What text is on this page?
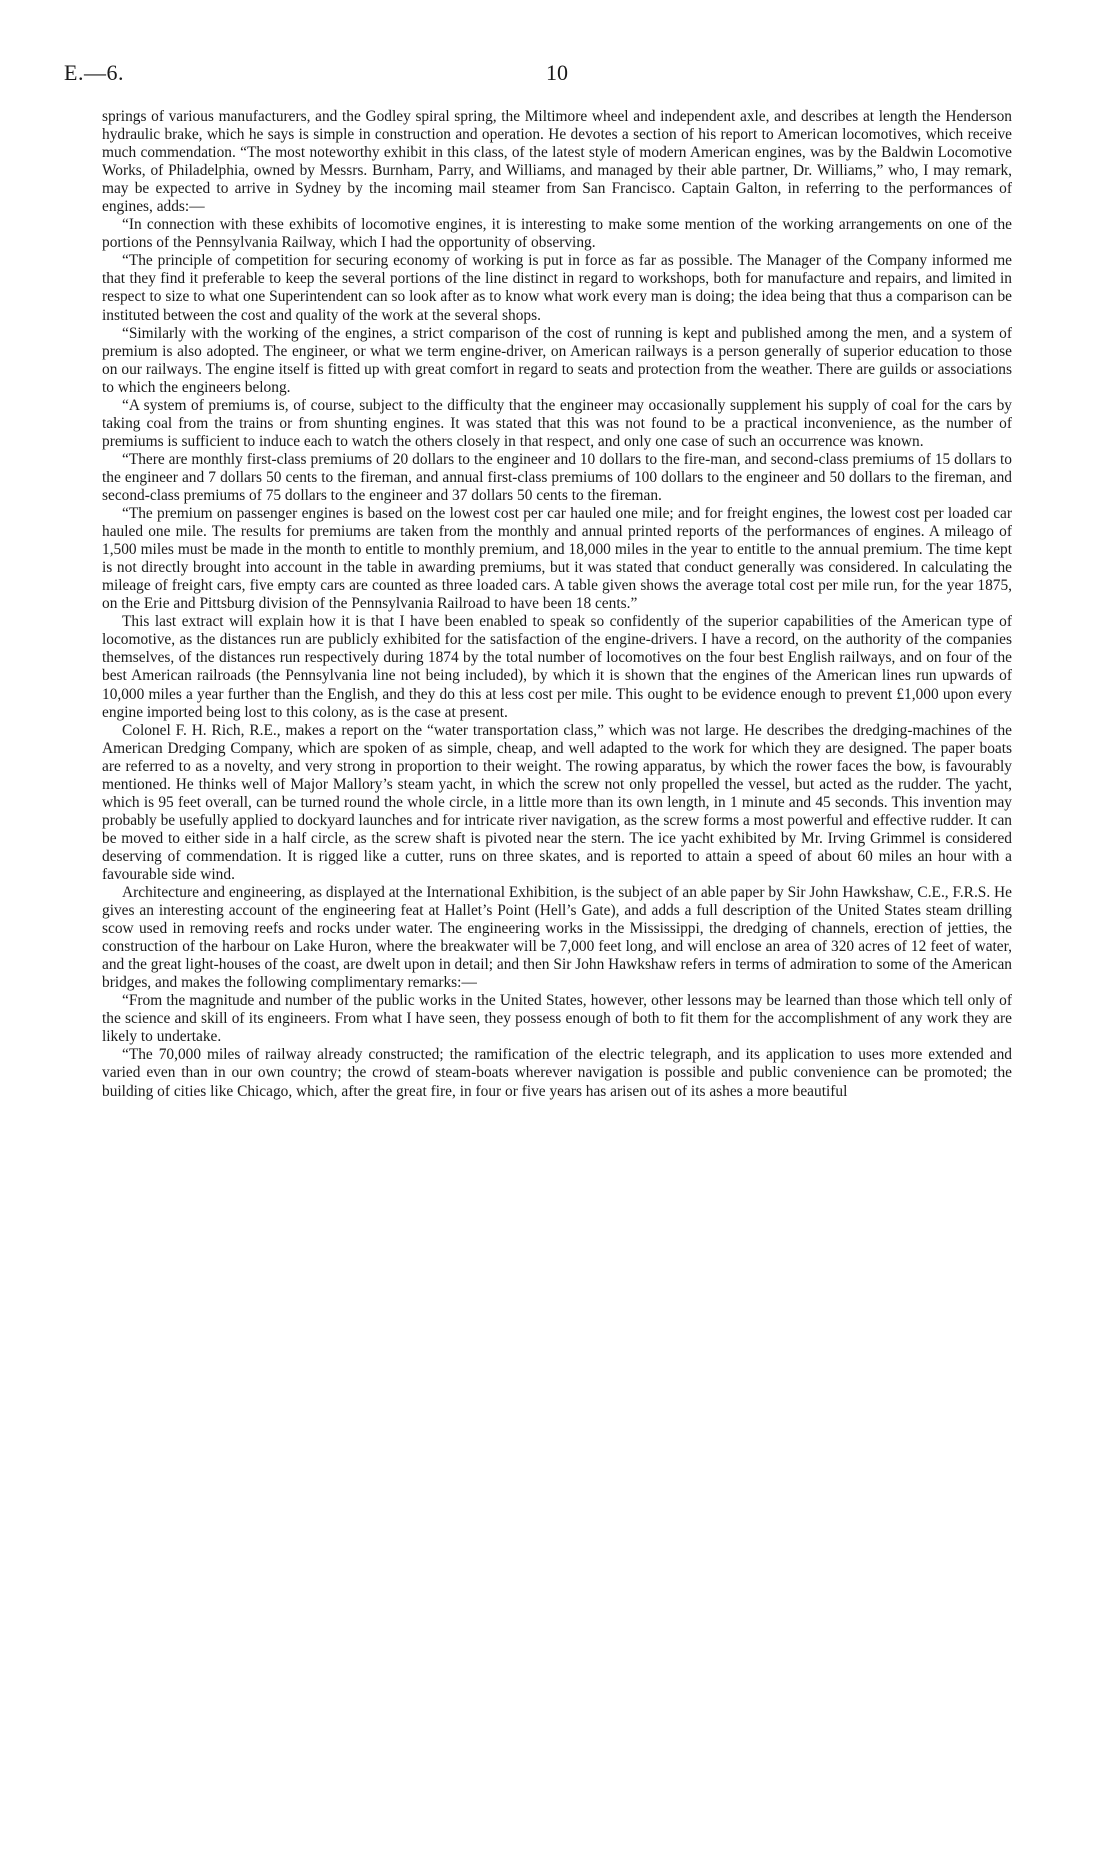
E.—6.	10

springs of various manufacturers, and the Godley spiral spring, the Miltimore wheel and independent axle, and describes at length the Henderson hydraulic brake, which he says is simple in construction and operation. He devotes a section of his report to American locomotives, which receive much commendation. “The most noteworthy exhibit in this class, of the latest style of modern American engines, was by the Baldwin Locomotive Works, of Philadelphia, owned by Messrs. Burnham, Parry, and Williams, and managed by their able partner, Dr. Williams,” who, I may remark, may be expected to arrive in Sydney by the incoming mail steamer from San Francisco. Captain Galton, in referring to the performances of engines, adds:—

“In connection with these exhibits of locomotive engines, it is interesting to make some mention of the working arrangements on one of the portions of the Pennsylvania Railway, which I had the opportunity of observing.

“The principle of competition for securing economy of working is put in force as far as possible. The Manager of the Company informed me that they find it preferable to keep the several portions of the line distinct in regard to workshops, both for manufacture and repairs, and limited in respect to size to what one Superintendent can so look after as to know what work every man is doing; the idea being that thus a comparison can be instituted between the cost and quality of the work at the several shops.

“Similarly with the working of the engines, a strict comparison of the cost of running is kept and published among the men, and a system of premium is also adopted. The engineer, or what we term engine-driver, on American railways is a person generally of superior education to those on our railways. The engine itself is fitted up with great comfort in regard to seats and protection from the weather. There are guilds or associations to which the engineers belong.

“A system of premiums is, of course, subject to the difficulty that the engineer may occasionally supplement his supply of coal for the cars by taking coal from the trains or from shunting engines. It was stated that this was not found to be a practical inconvenience, as the number of premiums is sufficient to induce each to watch the others closely in that respect, and only one case of such an occurrence was known.

“There are monthly first-class premiums of 20 dollars to the engineer and 10 dollars to the fire-man, and second-class premiums of 15 dollars to the engineer and 7 dollars 50 cents to the fireman, and annual first-class premiums of 100 dollars to the engineer and 50 dollars to the fireman, and second-class premiums of 75 dollars to the engineer and 37 dollars 50 cents to the fireman.

“The premium on passenger engines is based on the lowest cost per car hauled one mile; and for freight engines, the lowest cost per loaded car hauled one mile. The results for premiums are taken from the monthly and annual printed reports of the performances of engines. A mileago of 1,500 miles must be made in the month to entitle to monthly premium, and 18,000 miles in the year to entitle to the annual premium. The time kept is not directly brought into account in the table in awarding premiums, but it was stated that conduct generally was considered. In calculating the mileage of freight cars, five empty cars are counted as three loaded cars. A table given shows the average total cost per mile run, for the year 1875, on the Erie and Pittsburg division of the Pennsylvania Railroad to have been 18 cents.”

This last extract will explain how it is that I have been enabled to speak so confidently of the superior capabilities of the American type of locomotive, as the distances run are publicly exhibited for the satisfaction of the engine-drivers. I have a record, on the authority of the companies themselves, of the distances run respectively during 1874 by the total number of locomotives on the four best English railways, and on four of the best American railroads (the Pennsylvania line not being included), by which it is shown that the engines of the American lines run upwards of 10,000 miles a year further than the English, and they do this at less cost per mile. This ought to be evidence enough to prevent £1,000 upon every engine imported being lost to this colony, as is the case at present.

Colonel F. H. Rich, R.E., makes a report on the “water transportation class,” which was not large. He describes the dredging-machines of the American Dredging Company, which are spoken of as simple, cheap, and well adapted to the work for which they are designed. The paper boats are referred to as a novelty, and very strong in proportion to their weight. The rowing apparatus, by which the rower faces the bow, is favourably mentioned. He thinks well of Major Mallory’s steam yacht, in which the screw not only propelled the vessel, but acted as the rudder. The yacht, which is 95 feet overall, can be turned round the whole circle, in a little more than its own length, in 1 minute and 45 seconds. This invention may probably be usefully applied to dockyard launches and for intricate river navigation, as the screw forms a most powerful and effective rudder. It can be moved to either side in a half circle, as the screw shaft is pivoted near the stern. The ice yacht exhibited by Mr. Irving Grimmel is considered deserving of commendation. It is rigged like a cutter, runs on three skates, and is reported to attain a speed of about 60 miles an hour with a favourable side wind.

Architecture and engineering, as displayed at the International Exhibition, is the subject of an able paper by Sir John Hawkshaw, C.E., F.R.S. He gives an interesting account of the engineering feat at Hallet’s Point (Hell’s Gate), and adds a full description of the United States steam drilling scow used in removing reefs and rocks under water. The engineering works in the Mississippi, the dredging of channels, erection of jetties, the construction of the harbour on Lake Huron, where the breakwater will be 7,000 feet long, and will enclose an area of 320 acres of 12 feet of water, and the great light-houses of the coast, are dwelt upon in detail; and then Sir John Hawkshaw refers in terms of admiration to some of the American bridges, and makes the following complimentary remarks:—

“From the magnitude and number of the public works in the United States, however, other lessons may be learned than those which tell only of the science and skill of its engineers. From what I have seen, they possess enough of both to fit them for the accomplishment of any work they are likely to undertake.

“The 70,000 miles of railway already constructed; the ramification of the electric telegraph, and its application to uses more extended and varied even than in our own country; the crowd of steam-boats wherever navigation is possible and public convenience can be promoted; the building of cities like Chicago, which, after the great fire, in four or five years has arisen out of its ashes a more beautiful
